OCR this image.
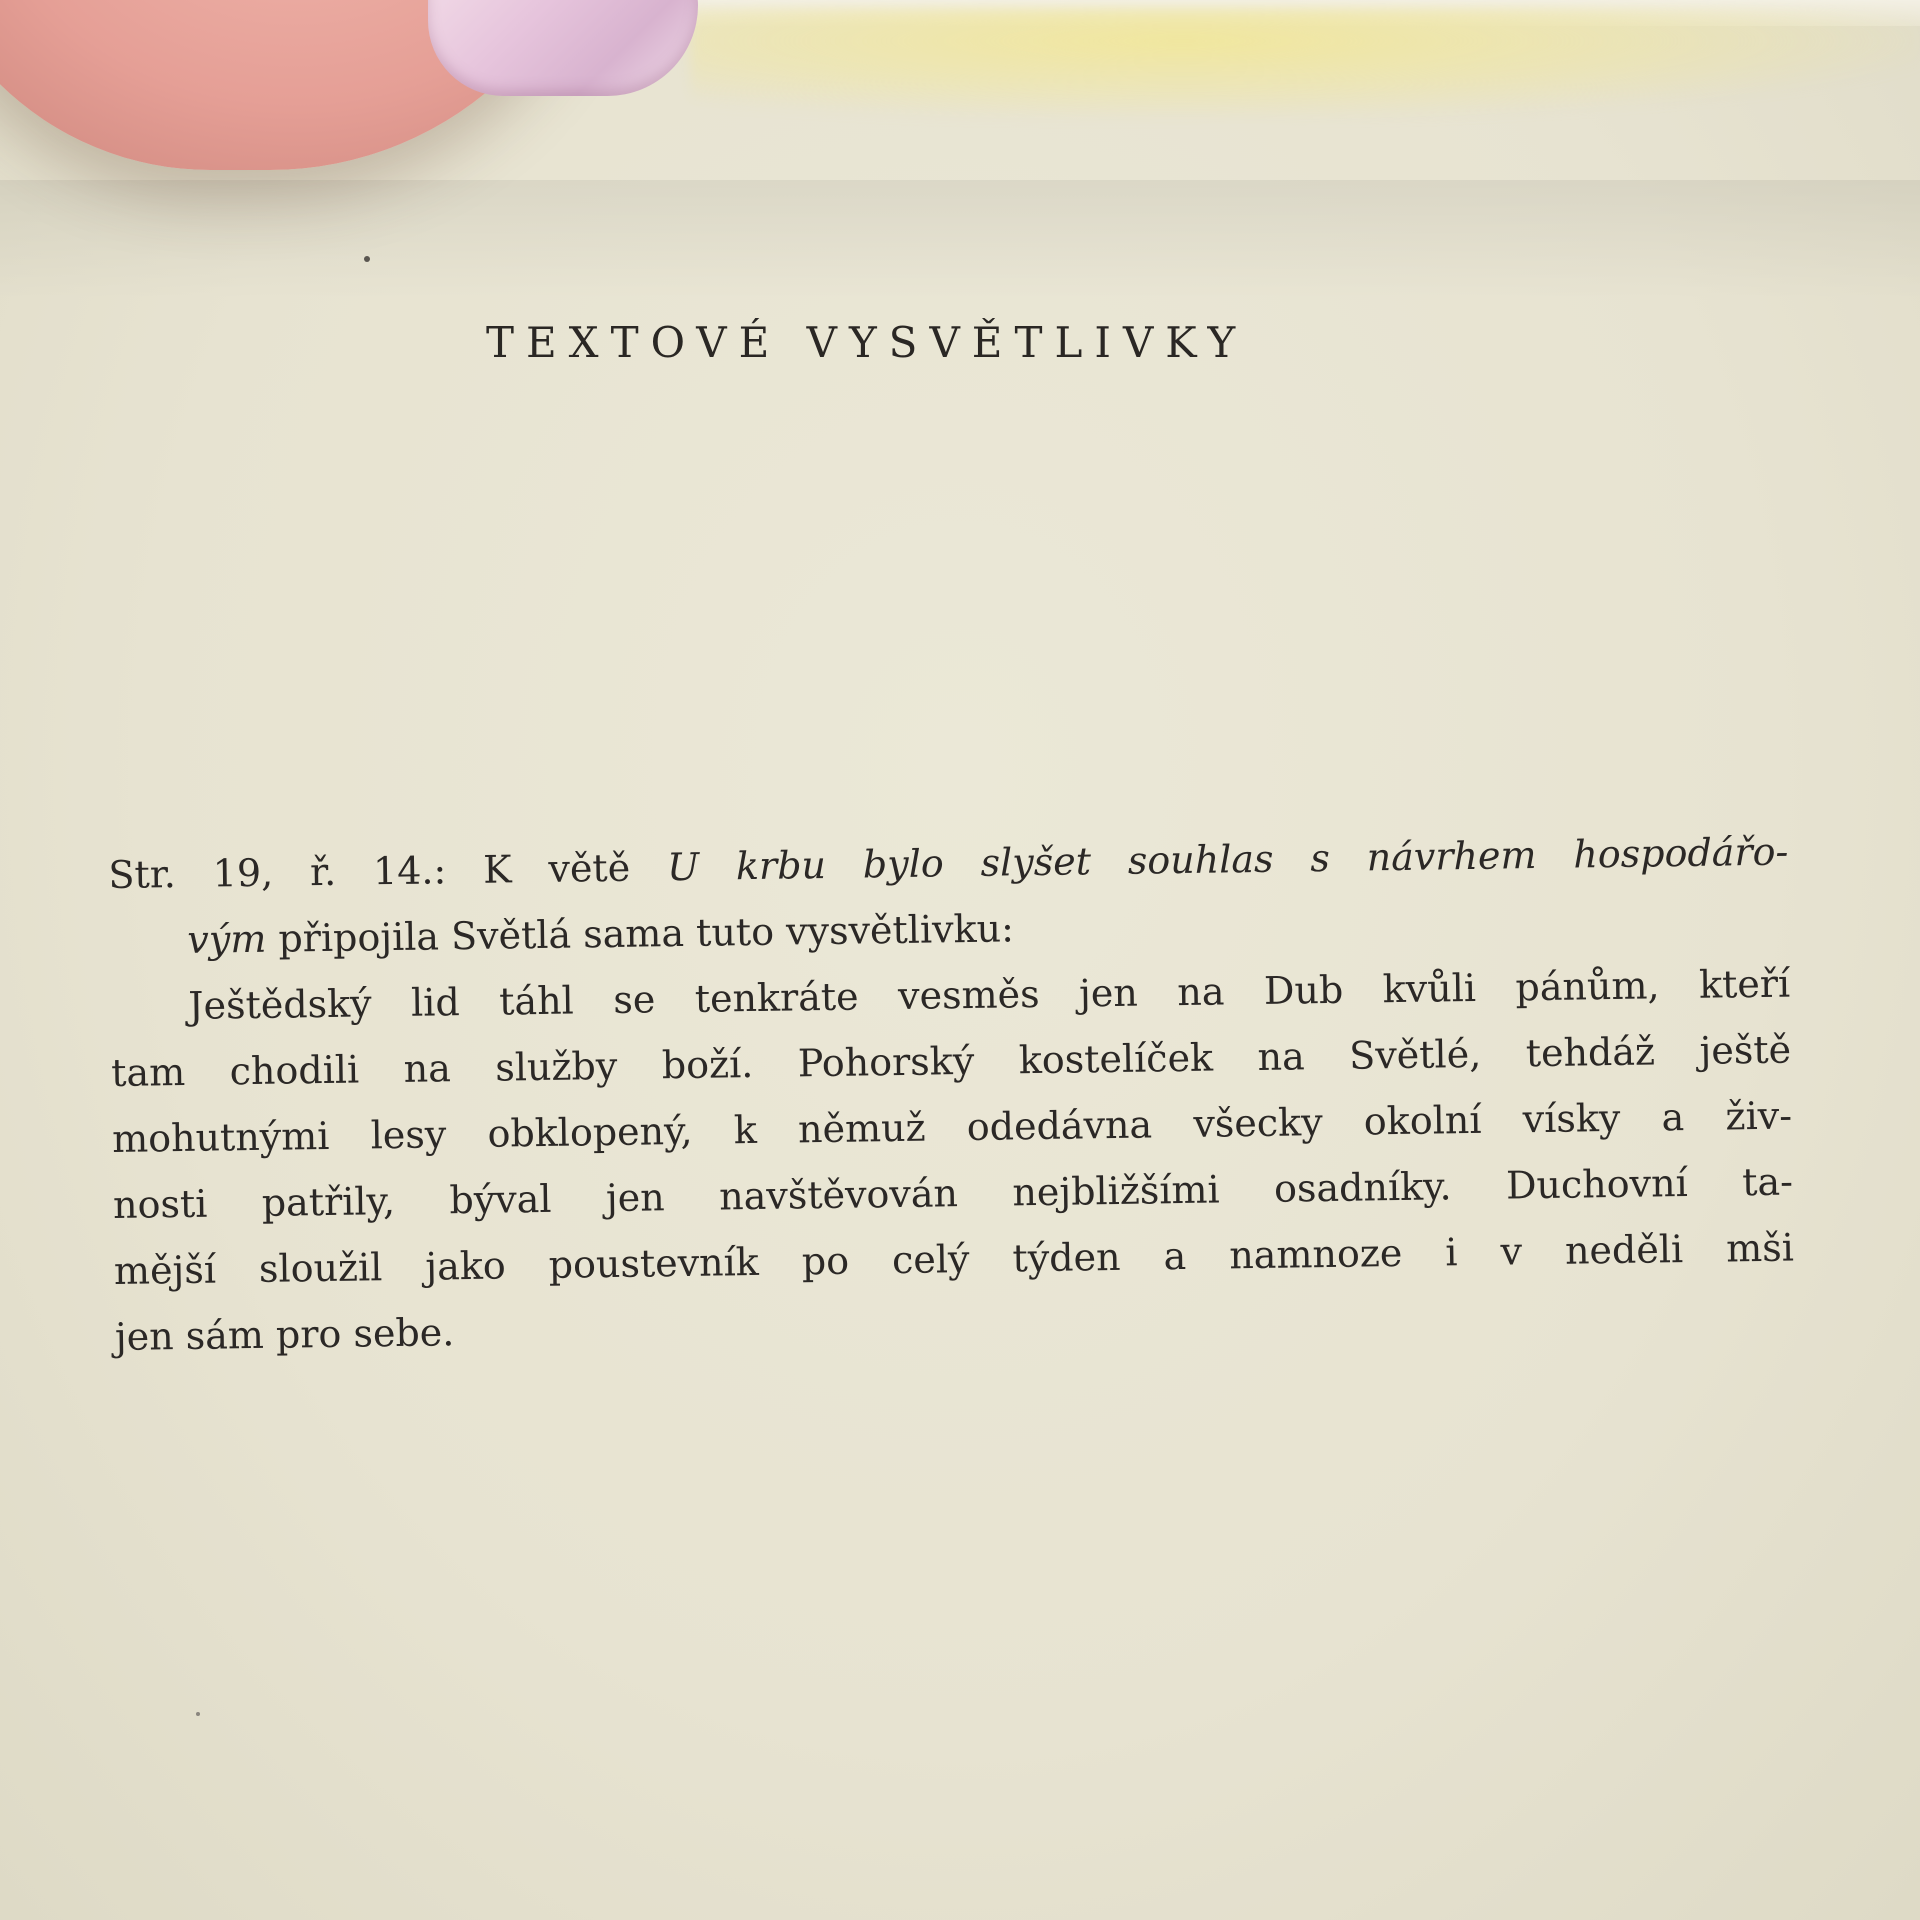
TEXTOVÉ VYSVĚTLIVKY

Str. 19, ř. 14.: K větě U krbu bylo slyšet souhlas s návrhem hospodářo-

vým připojila Světlá sama tuto vysvětlivku:

Ještědský lid táhl se tenkráte vesměs jen na Dub kvůli pánům, kteří

tam chodili na služby boží. Pohorský kostelíček na Světlé, tehdáž ještě

mohutnými lesy obklopený, k němuž odedávna všecky okolní vísky a živ-

nosti patřily, býval jen navštěvován nejbližšími osadníky. Duchovní ta-

mější sloužil jako poustevník po celý týden a namnoze i v neděli mši

jen sám pro sebe.
